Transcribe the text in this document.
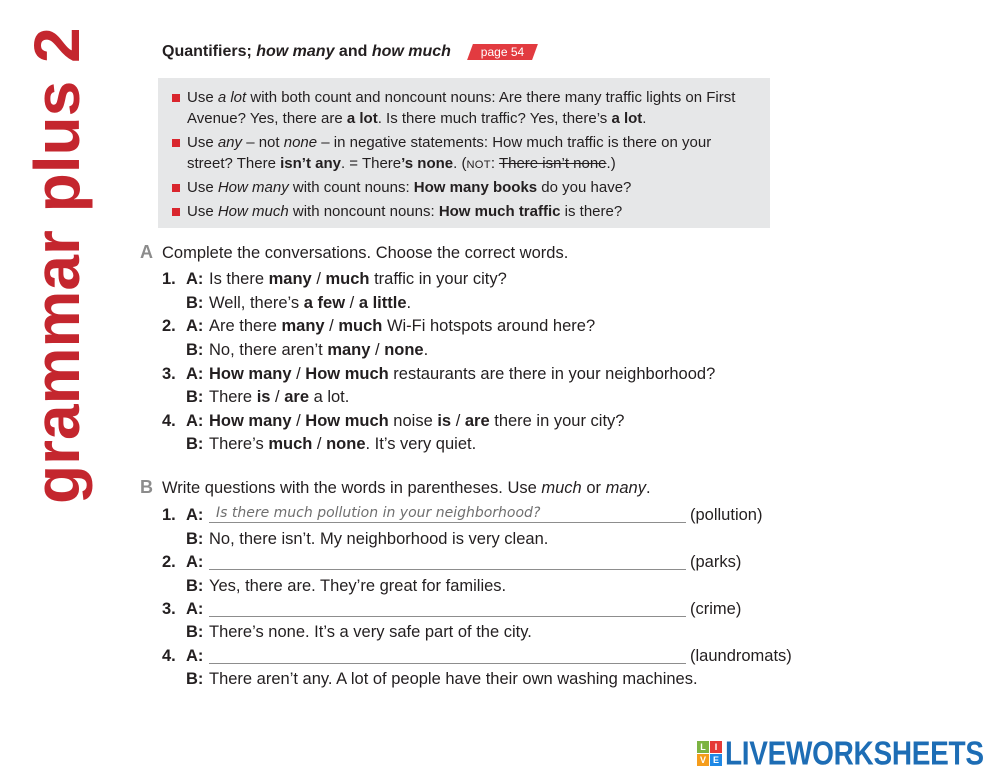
grammar plus 2	Quantifiers; how many and how much	page 54
Use a lot with both count and noncount nouns: Are there many traffic lights on First
Avenue? Yes, there are a lot. Is there much traffic? Yes, there’s a lot.
Use any – not none – in negative statements: How much traffic is there on your
street? There isn’t any. = There’s none. (NOT: There isn’t none.)
Use How many with count nouns: How many books do you have?
Use How much with noncount nouns: How much traffic is there?
A Complete the conversations. Choose the correct words.
1. A: Is there many / much traffic in your city?
B: Well, there’s a few / a little.
2. A: Are there many / much Wi-Fi hotspots around here?
B: No, there aren’t many / none.
3. A: How many / How much restaurants are there in your neighborhood?
B: There is / are a lot.
4. A: How many / How much noise is / are there in your city?
B: There’s much / none. It’s very quiet.
B Write questions with the words in parentheses. Use much or many.
1. A:
Is there much pollution in your neighborhood?	(pollution)
B: No, there isn’t. My neighborhood is very clean.
2. A:	(parks)
B: Yes, there are. They’re great for families.
3. A:	(crime)
B: There’s none. It’s a very safe part of the city.
4. A:	(laundromats)
B: There aren’t any. A lot of people have their own washing machines.
L I
V E LIVEWORKSHEETS
